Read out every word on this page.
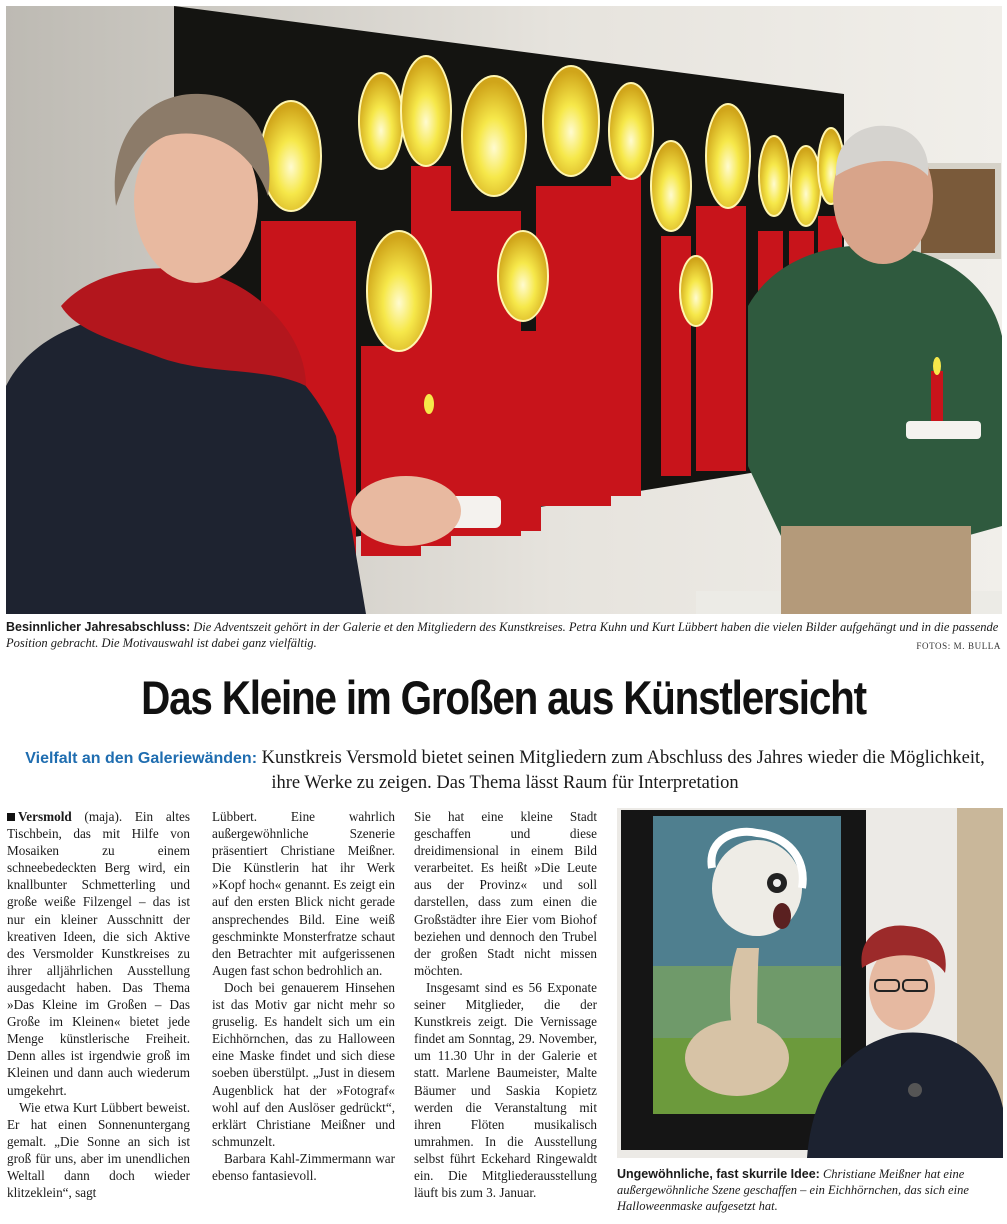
Besinnlicher Jahresabschluss: Die Adventszeit gehört in der Galerie et den Mitgliedern des Kunstkreises. Petra Kuhn und Kurt Lübbert haben die vielen Bilder aufgehängt und in die passende Position gebracht. Die Motivauswahl ist dabei ganz vielfältig.	FOTOS: M. BULLA
Das Kleine im Großen aus Künstlersicht
Vielfalt an den Galeriewänden: Kunstkreis Versmold bietet seinen Mitgliedern zum Abschluss des Jahres wieder die Möglichkeit, ihre Werke zu zeigen. Das Thema lässt Raum für Interpretation

Versmold (maja). Ein altes Tischbein, das mit Hilfe von Mosaiken zu einem schneebedeckten Berg wird, ein knallbunter Schmetterling und große weiße Filzengel – das ist nur ein kleiner Ausschnitt der kreativen Ideen, die sich Aktive des Versmolder Kunstkreises zu ihrer alljährlichen Ausstellung ausgedacht haben. Das Thema »Das Kleine im Großen – Das Große im Kleinen« bietet jede Menge künstlerische Freiheit. Denn alles ist irgendwie groß im Kleinen und dann auch wiederum umgekehrt.

Wie etwa Kurt Lübbert beweist. Er hat einen Sonnenuntergang gemalt. „Die Sonne an sich ist groß für uns, aber im unendlichen Weltall dann doch wieder klitzeklein“, sagt

Lübbert. Eine wahrlich außergewöhnliche Szenerie präsentiert Christiane Meißner. Die Künstlerin hat ihr Werk »Kopf hoch« genannt. Es zeigt ein auf den ersten Blick nicht gerade ansprechendes Bild. Eine weiß geschminkte Monsterfratze schaut den Betrachter mit aufgerissenen Augen fast schon bedrohlich an.

Doch bei genauerem Hinsehen ist das Motiv gar nicht mehr so gruselig. Es handelt sich um ein Eichhörnchen, das zu Halloween eine Maske findet und sich diese soeben überstülpt. „Just in diesem Augenblick hat der »Fotograf« wohl auf den Auslöser gedrückt“, erklärt Christiane Meißner und schmunzelt.

Barbara Kahl-Zimmermann war ebenso fantasievoll.

Sie hat eine kleine Stadt geschaffen und diese dreidimensional in einem Bild verarbeitet. Es heißt »Die Leute aus der Provinz« und soll darstellen, dass zum einen die Großstädter ihre Eier vom Biohof beziehen und dennoch den Trubel der großen Stadt nicht missen möchten.

Insgesamt sind es 56 Exponate seiner Mitglieder, die der Kunstkreis zeigt. Die Vernissage findet am Sonntag, 29. November, um 11.30 Uhr in der Galerie et statt. Marlene Baumeister, Malte Bäumer und Saskia Kopietz werden die Veranstaltung mit ihren Flöten musikalisch umrahmen. In die Ausstellung selbst führt Eckehard Ringewaldt ein. Die Mitgliederausstellung läuft bis zum 3. Januar.

Ungewöhnliche, fast skurrile Idee: Christiane Meißner hat eine außergewöhnliche Szene geschaffen – ein Eichhörnchen, das sich eine Halloweenmaske aufgesetzt hat.
